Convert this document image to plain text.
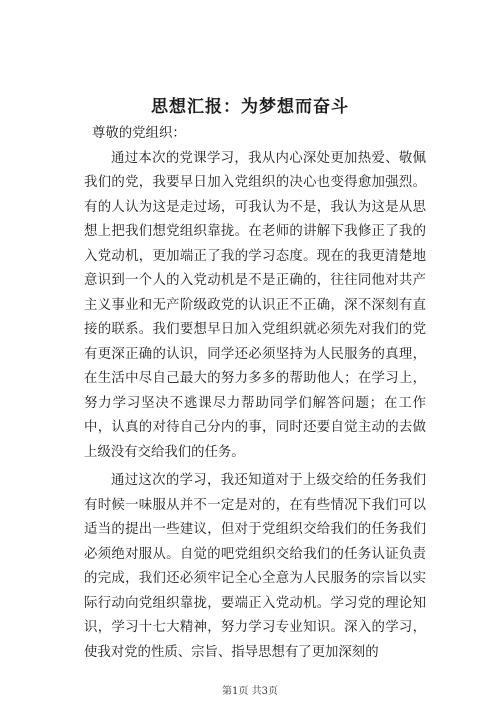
思想汇报：为梦想而奋斗

尊敬的党组织：

通过本次的党课学习，我从内心深处更加热爱、敬佩我们的党，我要早日加入党组织的决心也变得愈加强烈。有的人认为这是走过场，可我认为不是，我认为这是从思想上把我们想党组织靠拢。在老师的讲解下我修正了我的入党动机，更加端正了我的学习态度。现在的我更清楚地意识到一个人的入党动机是不是正确的，往往同他对共产主义事业和无产阶级政党的认识正不正确，深不深刻有直接的联系。我们要想早日加入党组织就必须先对我们的党有更深正确的认识，同学还必须坚持为人民服务的真理，在生活中尽自己最大的努力多多的帮助他人；在学习上，努力学习坚决不逃课尽力帮助同学们解答问题；在工作中，认真的对待自己分内的事，同时还要自觉主动的去做上级没有交给我们的任务。

通过这次的学习，我还知道对于上级交给的任务我们有时候一味服从并不一定是对的，在有些情况下我们可以适当的提出一些建议，但对于党组织交给我们的任务我们必须绝对服从。自觉的吧党组织交给我们的任务认证负责的完成，我们还必须牢记全心全意为人民服务的宗旨以实际行动向党组织靠拢，要端正入党动机。学习党的理论知识，学习十七大精神，努力学习专业知识。深入的学习，使我对党的性质、宗旨、指导思想有了更加深刻的

第1页 共3页
